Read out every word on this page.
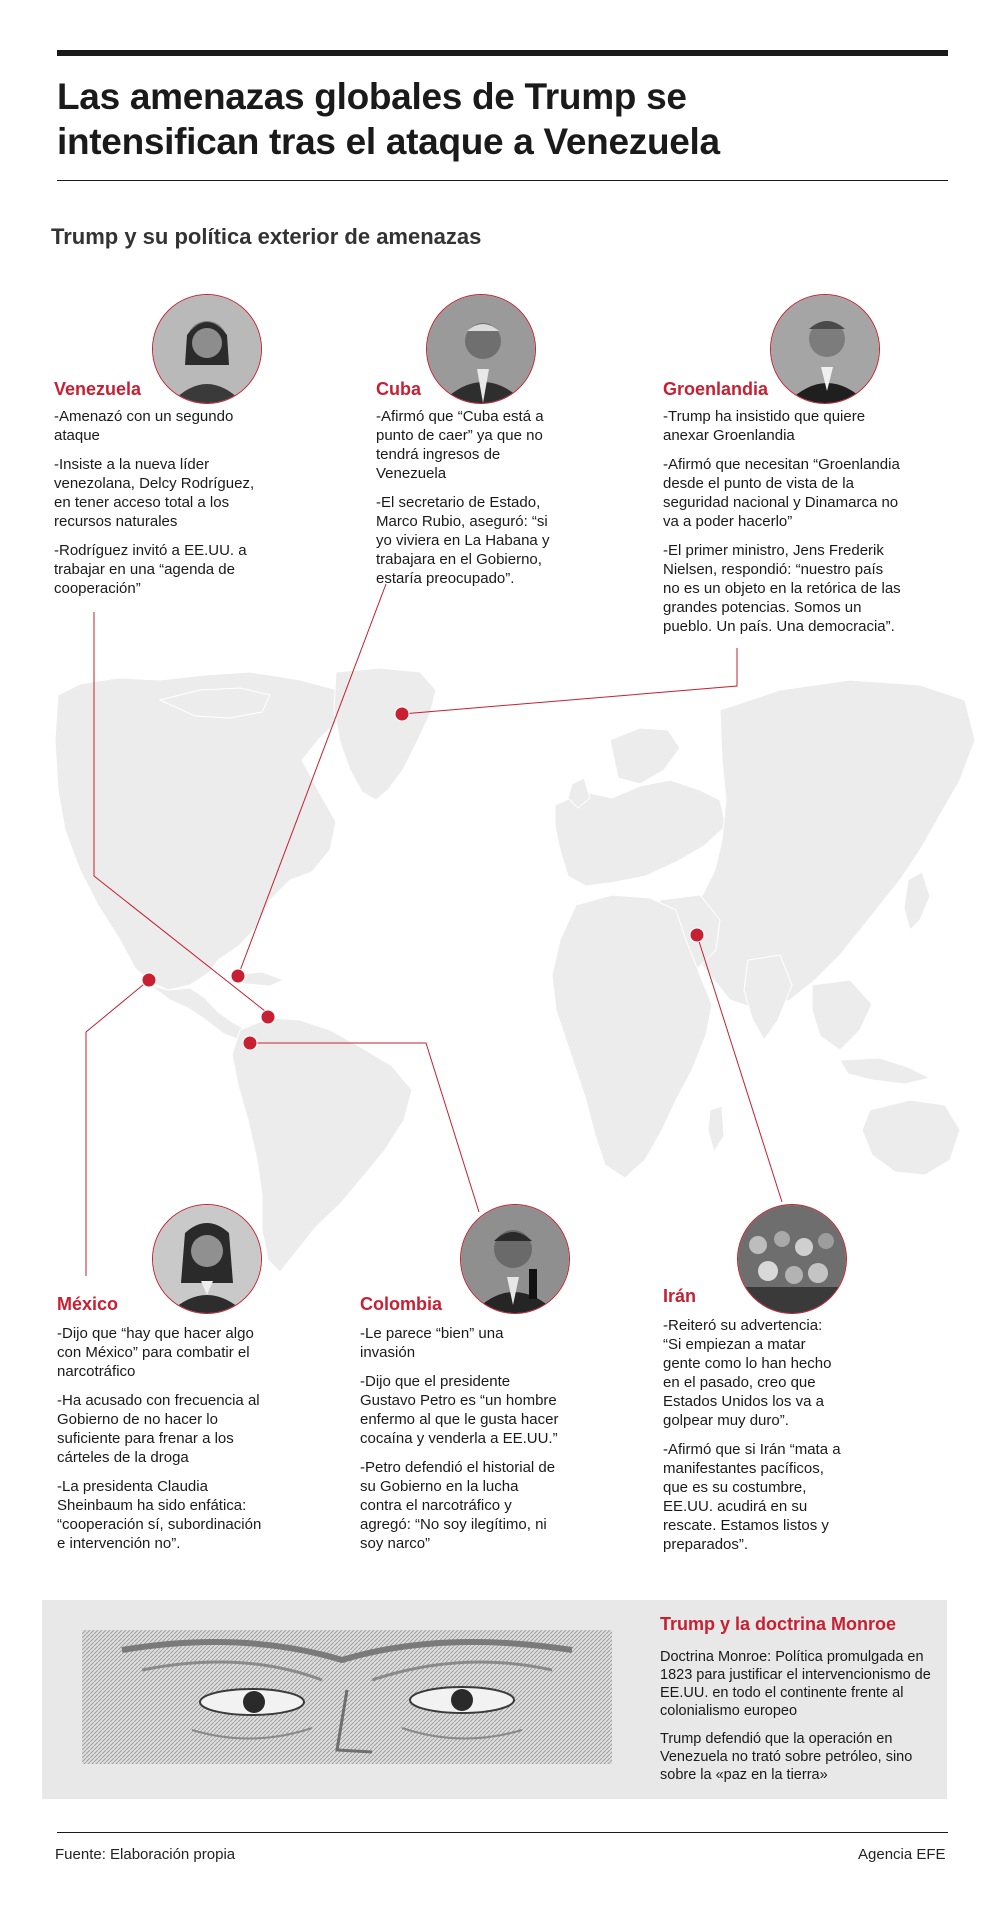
Las amenazas globales de Trump se
intensifican tras el ataque a Venezuela
Trump y su política exterior de amenazas
Venezuela
-Amenazó con un segundo ataque
-Insiste a la nueva líder venezolana, Delcy Rodríguez, en tener acceso total a los recursos naturales
-Rodríguez invitó a EE.UU. a trabajar en una “agenda de cooperación”
Cuba
-Afirmó que “Cuba está a punto de caer” ya que no tendrá ingresos de Venezuela
-El secretario de Estado, Marco Rubio, aseguró: “si yo viviera en La Habana y trabajara en el Gobierno, estaría preocupado”.
Groenlandia
-Trump ha insistido que quiere anexar Groenlandia
-Afirmó que necesitan “Groenlandia desde el punto de vista de la seguridad nacional y Dinamarca no va a poder hacerlo”
-El primer ministro, Jens Frederik Nielsen, respondió: “nuestro país no es un objeto en la retórica de las grandes potencias. Somos un pueblo. Un país. Una democracia”.
México
-Dijo que “hay que hacer algo con México” para combatir el narcotráfico
-Ha acusado con frecuencia al Gobierno de no hacer lo suficiente para frenar a los cárteles de la droga
-La presidenta Claudia Sheinbaum ha sido enfática: “cooperación sí, subordinación e intervención no”.
Colombia
-Le parece “bien” una invasión
-Dijo que el presidente Gustavo Petro es “un hombre enfermo al que le gusta hacer cocaína y venderla a EE.UU.”
-Petro defendió el historial de su Gobierno en la lucha contra el narcotráfico y agregó: “No soy ilegítimo, ni soy narco”
Irán
-Reiteró su advertencia: “Si empiezan a matar gente como lo han hecho en el pasado, creo que Estados Unidos los va a golpear muy duro”.
-Afirmó que si Irán “mata a manifestantes pacíficos, que es su costumbre, EE.UU. acudirá en su rescate. Estamos listos y preparados”.
Trump y la doctrina Monroe
Doctrina Monroe: Política promulgada en 1823 para justificar el intervencionismo de EE.UU. en todo el continente frente al colonialismo europeo
Trump defendió que la operación en Venezuela no trató sobre petróleo, sino sobre la «paz en la tierra»
Fuente: Elaboración propia	Agencia EFE
